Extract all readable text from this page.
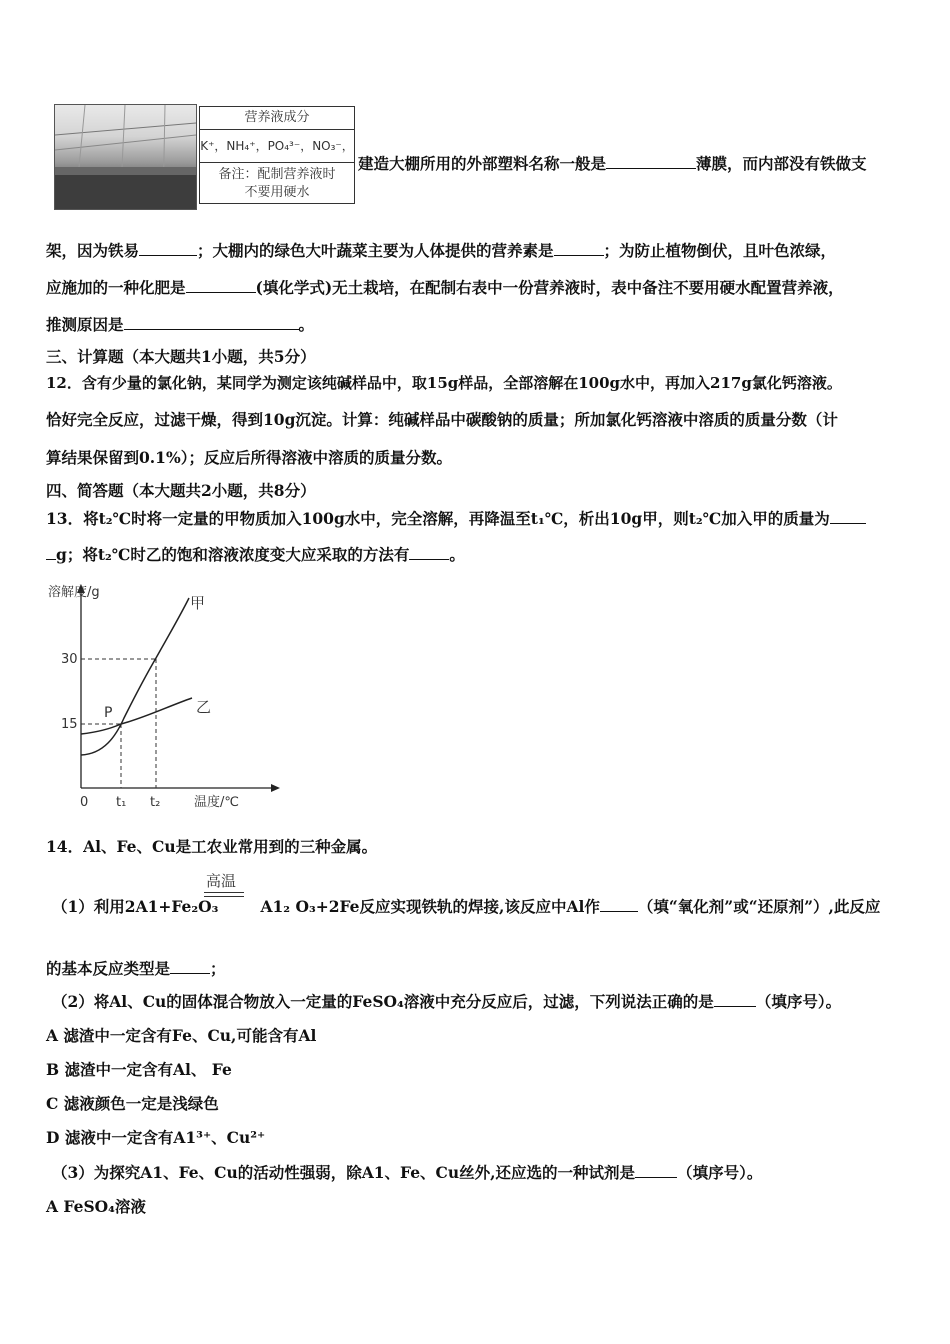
营养液成分
K⁺，NH₄⁺，PO₄³⁻，NO₃⁻，
备注：配制营养液时
不要用硬水
建造大棚所用的外部塑料名称一般是	薄膜，而内部没有铁做支
架，因为铁易	；大棚内的绿色大叶蔬菜主要为人体提供的营养素是	；为防止植物倒伏，且叶色浓绿，
应施加的一种化肥是	(填化学式)无土栽培，在配制右表中一份营养液时，表中备注不要用硬水配置营养液，
推测原因是	。
三、计算题（本大题共1小题，共5分）
12．含有少量的氯化钠，某同学为测定该纯碱样品中，取15g样品，全部溶解在100g水中，再加入217g氯化钙溶液。
恰好完全反应，过滤干燥，得到10g沉淀。计算：纯碱样品中碳酸钠的质量；所加氯化钙溶液中溶质的质量分数（计
算结果保留到0.1%）；反应后所得溶液中溶质的质量分数。
四、简答题（本大题共2小题，共8分）
13．将t₂℃时将一定量的甲物质加入100g水中，完全溶解，再降温至t₁℃，析出10g甲，则t₂℃加入甲的质量为
g；将t₂℃时乙的饱和溶液浓度变大应采取的方法有	。
溶解度/g
温度/℃
30
15
0 t₁ t₂
P
甲
乙
14．Al、Fe、Cu是工农业常用到的三种金属。
高温
（1）利用2A1+Fe₂O₃	A1₂ O₃+2Fe反应实现铁轨的焊接,该反应中Al作 （填“氧化剂”或“还原剂”）,此反应
的基本反应类型是	；
（2）将Al、Cu的固体混合物放入一定量的FeSO₄溶液中充分反应后，过滤，下列说法正确的是	（填序号）。
A 滤渣中一定含有Fe、Cu,可能含有Al
B 滤渣中一定含有Al、 Fe
C 滤液颜色一定是浅绿色
D 滤液中一定含有A1³⁺、Cu²⁺
（3）为探究A1、Fe、Cu的活动性强弱，除A1、Fe、Cu丝外,还应选的一种试剂是	（填序号）。
A FeSO₄溶液
